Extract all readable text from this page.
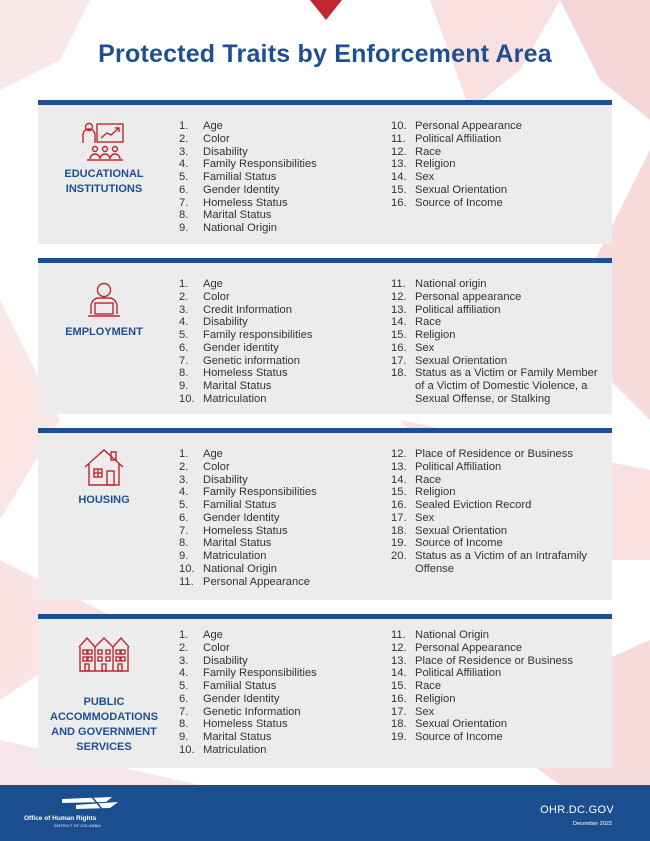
Protected Traits by Enforcement Area
EDUCATIONAL
INSTITUTIONS
1.	Age
2.	Color
3.	Disability
4.	Family Responsibilities
5.	Familial Status
6.	Gender Identity
7.	Homeless Status
8.	Marital Status
9.	National Origin
10. Personal Appearance
11. Political Affiliation
12. Race
13. Religion
14. Sex
15. Sexual Orientation
16. Source of Income
EMPLOYMENT
1.	Age
2.	Color
3.	Credit Information
4.	Disability
5.	Family responsibilities
6.	Gender identity
7.	Genetic information
8.	Homeless Status
9.	Marital Status
10. Matriculation
11. National origin
12. Personal appearance
13. Political affiliation
14. Race
15. Religion
16. Sex
17. Sexual Orientation
18. Status as a Victim or Family Member of a Victim of Domestic Violence, a Sexual Offense, or Stalking
HOUSING
1.	Age
2.	Color
3.	Disability
4.	Family Responsibilities
5.	Familial Status
6.	Gender Identity
7.	Homeless Status
8.	Marital Status
9.	Matriculation
10. National Origin
11. Personal Appearance
12. Place of Residence or Business
13. Political Affiliation
14. Race
15. Religion
16. Sealed Eviction Record
17. Sex
18. Sexual Orientation
19. Source of Income
20. Status as a Victim of an Intrafamily Offense
PUBLIC
ACCOMMODATIONS
AND GOVERNMENT
SERVICES
1.	Age
2.	Color
3.	Disability
4.	Family Responsibilities
5.	Familial Status
6.	Gender Identity
7.	Genetic Information
8.	Homeless Status
9.	Marital Status
10. Matriculation
11. National Origin
12. Personal Appearance
13. Place of Residence or Business
14. Political Affiliation
15. Race
16. Religion
17. Sex
18. Sexual Orientation
19. Source of Income
Office of Human Rights
DISTRICT OF COLUMBIA
OHR.DC.GOV
December 2022
